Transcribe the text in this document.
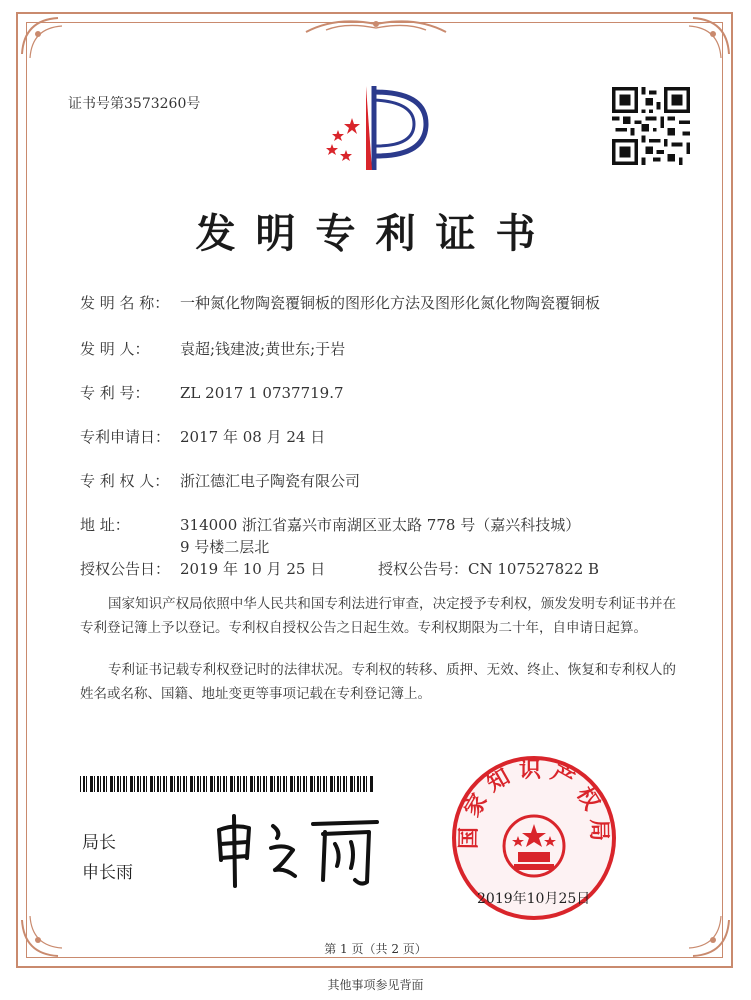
证书号第3573260号
发明专利证书
发 明 名 称： 一种氮化物陶瓷覆铜板的图形化方法及图形化氮化物陶瓷覆铜板
发 明 人： 袁超;钱建波;黄世东;于岩
专 利 号： ZL 2017 1 0737719.7
专利申请日： 2017 年 08 月 24 日
专 利 权 人： 浙江德汇电子陶瓷有限公司
地 址：	314000 浙江省嘉兴市南湖区亚太路 778 号（嘉兴科技城）
9 号楼二层北
授权公告日： 2019 年 10 月 25 日	授权公告号：CN 107527822 B
国家知识产权局依照中华人民共和国专利法进行审查，决定授予专利权，颁发发明专利证书并在专利登记簿上予以登记。专利权自授权公告之日起生效。专利权期限为二十年，自申请日起算。
专利证书记载专利权登记时的法律状况。专利权的转移、质押、无效、终止、恢复和专利权人的姓名或名称、国籍、地址变更等事项记载在专利登记簿上。
局长
申长雨
国家知识产权局
2019年10月25日
第 1 页（共 2 页）
其他事项参见背面
